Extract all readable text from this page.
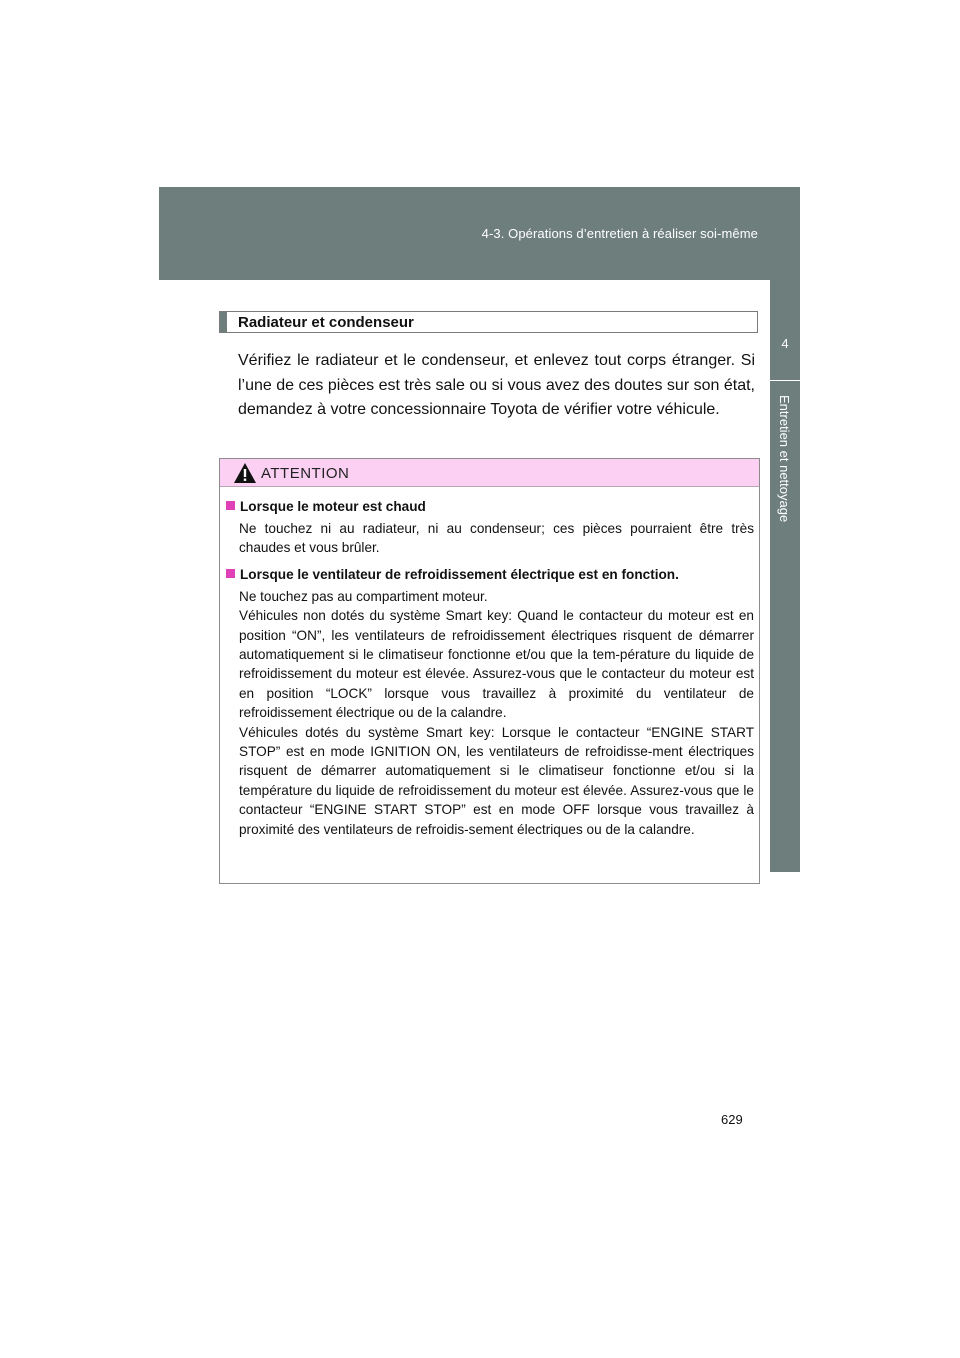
4-3. Opérations d’entretien à réaliser soi-même
4
Entretien et nettoyage
Radiateur et condenseur

Vérifiez le radiateur et le condenseur, et enlevez tout corps étranger. Si l’une de ces pièces est très sale ou si vous avez des doutes sur son état, demandez à votre concessionnaire Toyota de vérifier votre véhicule.

ATTENTION

Lorsque le moteur est chaud

Ne touchez ni au radiateur, ni au condenseur; ces pièces pourraient être très chaudes et vous brûler.

Lorsque le ventilateur de refroidissement électrique est en fonction.

Ne touchez pas au compartiment moteur.

Véhicules non dotés du système Smart key: Quand le contacteur du moteur est en position “ON”, les ventilateurs de refroidissement électriques risquent de démarrer automatiquement si le climatiseur fonctionne et/ou que la tem-pérature du liquide de refroidissement du moteur est élevée. Assurez-vous que le contacteur du moteur est en position “LOCK” lorsque vous travaillez à proximité du ventilateur de refroidissement électrique ou de la calandre.

Véhicules dotés du système Smart key: Lorsque le contacteur “ENGINE START STOP” est en mode IGNITION ON, les ventilateurs de refroidisse-ment électriques risquent de démarrer automatiquement si le climatiseur fonctionne et/ou si la température du liquide de refroidissement du moteur est élevée. Assurez-vous que le contacteur “ENGINE START STOP” est en mode OFF lorsque vous travaillez à proximité des ventilateurs de refroidis-sement électriques ou de la calandre.

629
